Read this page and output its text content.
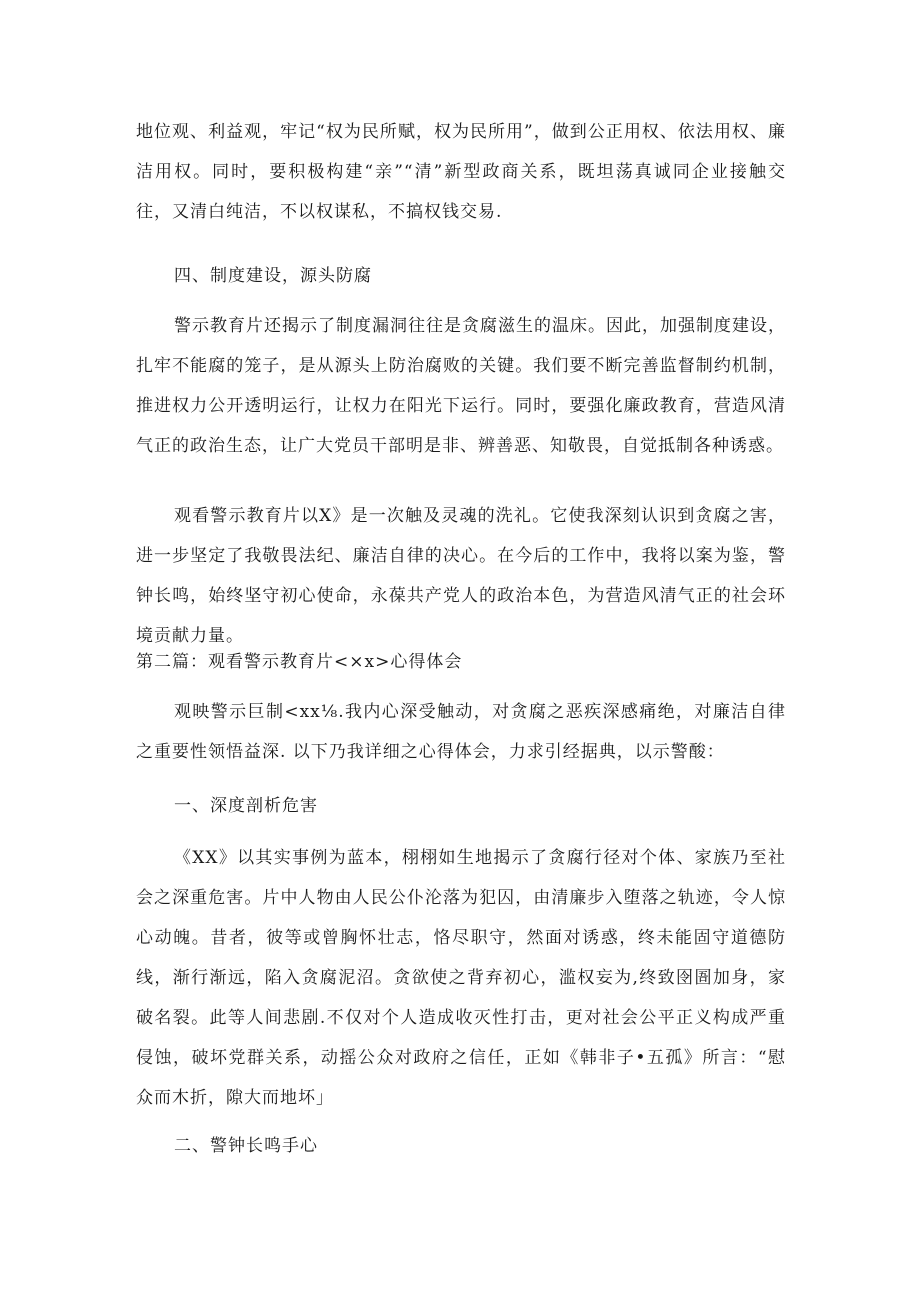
地位观、利益观，牢记“权为民所赋，权为民所用”，做到公正用权、依法用权、廉洁用权。同时，要积极构建“亲”“清”新型政商关系，既坦荡真诚同企业接触交往，又清白纯洁，不以权谋私，不搞权钱交易.

四、制度建设，源头防腐

警示教育片还揭示了制度漏洞往往是贪腐滋生的温床。因此，加强制度建设，扎牢不能腐的笼子，是从源头上防治腐败的关键。我们要不断完善监督制约机制，推进权力公开透明运行，让权力在阳光下运行。同时，要强化廉政教育，营造风清气正的政治生态，让广大党员干部明是非、辨善恶、知敬畏，自觉抵制各种诱惑。

观看警示教育片以X》是一次触及灵魂的洗礼。它使我深刻认识到贪腐之害，进一步坚定了我敬畏法纪、廉洁自律的决心。在今后的工作中，我将以案为鉴，警钟长鸣，始终坚守初心使命，永葆共产党人的政治本色，为营造风清气正的社会环境贡献力量。

第二篇：观看警示教育片<×x>心得体会

观映警示巨制<xx⅛.我内心深受触动，对贪腐之恶疾深感痛绝，对廉洁自律之重要性领悟益深. 以下乃我详细之心得体会，力求引经据典，以示警酸：

一、深度剖析危害

《XX》以其实事例为蓝本，栩栩如生地揭示了贪腐行径对个体、家族乃至社会之深重危害。片中人物由人民公仆沦落为犯囚，由清廉步入堕落之轨迹，令人惊心动魄。昔者，彼等或曾胸怀壮志，恪尽职守，然面对诱惑，终未能固守道德防线，渐行渐远，陷入贪腐泥沼。贪欲使之背弃初心，滥权妄为,终致囹圄加身，家破名裂。此等人间悲剧.不仅对个人造成收灭性打击，更对社会公平正义构成严重侵蚀，破坏党群关系，动摇公众对政府之信任，正如《韩非子•五孤》所言：“慰众而木折，隙大而地坏」

二、警钟长鸣手心
